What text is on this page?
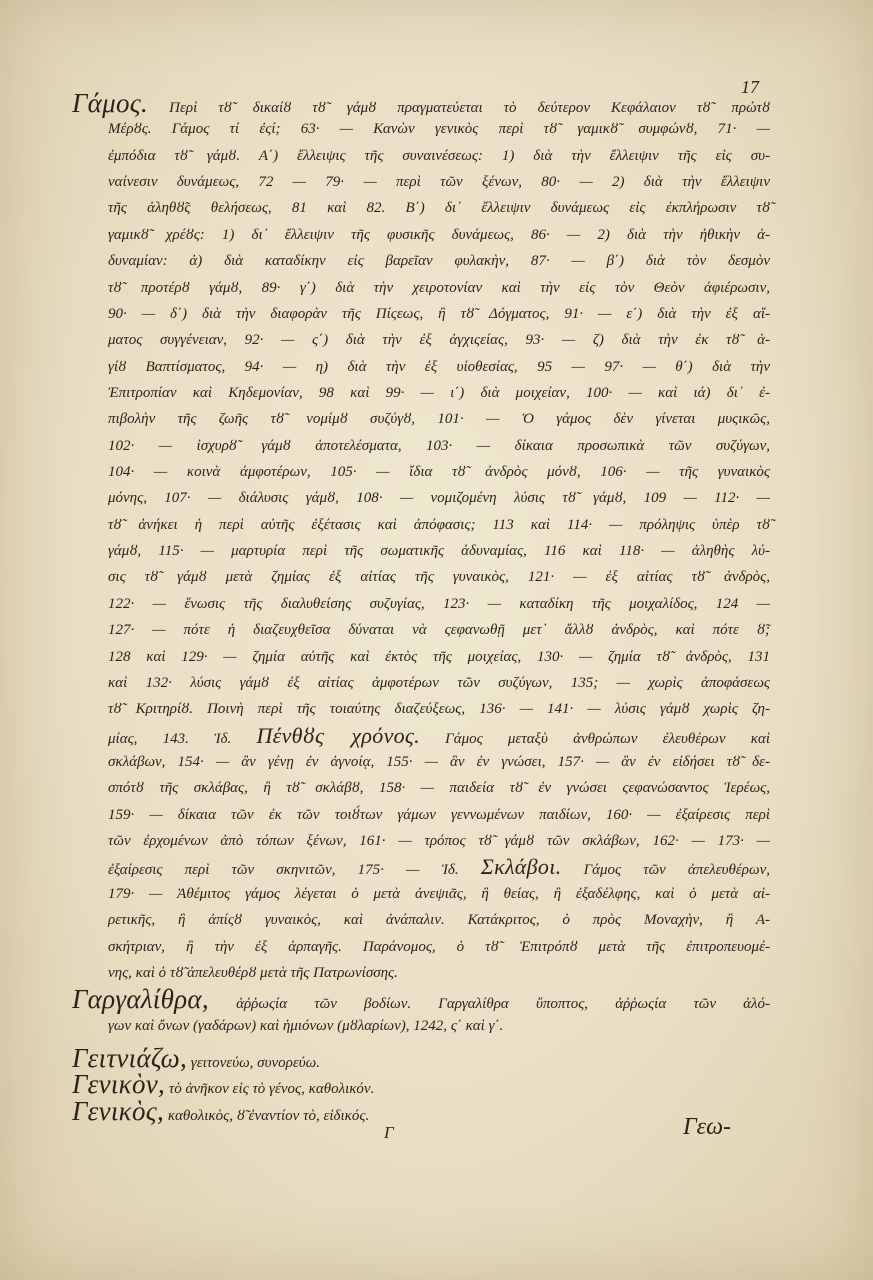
17
Γάμος. Περὶ τȣ̃ δικαίȣ τȣ̃ γάμȣ πραγματεύεται τὸ δεύτερον Κεφάλαιον τȣ̃ πρώτȣ
Μέρȣς. Γάμος τί ἐςί; 63· — Κανὼν γενικὸς περὶ τȣ̃ γαμικȣ̃ συμφώνȣ, 71· —
ἐμπόδια τȣ̃ γάμȣ. Α΄) ἔλλειψις τῆς συναινέσεως: 1) διὰ τὴν ἔλλειψιν τῆς εἰς συ-
ναίνεσιν δυνάμεως, 72 — 79· — περὶ τῶν ξένων, 80· — 2) διὰ τὴν ἔλλειψιν
τῆς ἀληθȣ̃ς θελήσεως, 81 καὶ 82. Β΄) δι᾽ ἔλλειψιν δυνάμεως εἰς ἐκπλήρωσιν τȣ̃
γαμικȣ̃ χρέȣς: 1) δι᾽ ἔλλειψιν τῆς φυσικῆς δυνάμεως, 86· — 2) διὰ τὴν ἠθικὴν ἀ-
δυναμίαν: ἀ) διὰ καταδίκην εἰς βαρεῖαν φυλακὴν, 87· — β΄) διὰ τὸν δεσμὸν
τȣ̃ προτέρȣ γάμȣ, 89· γ΄) διὰ τὴν χειροτονίαν καὶ τὴν εἰς τὸν Θεὸν ἀφιέρωσιν,
90· — δ΄) διὰ τὴν διαφορὰν τῆς Πίςεως, ἢ τȣ̃ Δόγματος, 91· — ε΄) διὰ τὴν ἐξ αἵ-
ματος συγγένειαν, 92· — ς΄) διὰ τὴν ἐξ ἀγχιςείας, 93· — ζ) διὰ τὴν ἐκ τȣ̃ ἁ-
γίȣ Βαπτίσματος, 94· — η) διὰ τὴν ἐξ υἱοθεσίας, 95 — 97· — θ΄) διὰ τὴν
Ἐπιτροπίαν καὶ Κηδεμονίαν, 98 καὶ 99· — ι΄) διὰ μοιχείαν, 100· — καὶ ιά) δι᾽ ἐ-
πιβολὴν τῆς ζωῆς τȣ̃ νομίμȣ συζύγȣ, 101· — Ὁ γάμος δὲν γίνεται μυςικῶς,
102· — ἰσχυρȣ̃ γάμȣ ἀποτελέσματα, 103· — δίκαια προσωπικὰ τῶν συζύγων,
104· — κοινὰ ἀμφοτέρων, 105· — ἴδια τȣ̃ ἀνδρὸς μόνȣ, 106· — τῆς γυναικὸς
μόνης, 107· — διάλυσις γάμȣ, 108· — νομιζομένη λύσις τȣ̃ γάμȣ, 109 — 112· —
τȣ̃ ἀνήκει ἡ περὶ αὐτῆς ἐξέτασις καὶ ἀπόφασις; 113 καὶ 114· — πρόληψις ὑπὲρ τȣ̃
γάμȣ, 115· — μαρτυρία περὶ τῆς σωματικῆς ἀδυναμίας, 116 καὶ 118· — ἀληθὴς λύ-
σις τȣ̃ γάμȣ μετὰ ζημίας ἐξ αἰτίας τῆς γυναικὸς, 121· — ἐξ αἰτίας τȣ̃ ἀνδρὸς,
122· — ἕνωσις τῆς διαλυθείσης συζυγίας, 123· — καταδίκη τῆς μοιχαλίδος, 124 —
127· — πότε ἡ διαζευχθεῖσα δύναται νὰ ςεφανωθῇ μετ᾽ ἄλλȣ ἀνδρὸς, καὶ πότε ȣ̃;
128 καὶ 129· — ζημία αὐτῆς καὶ ἐκτὸς τῆς μοιχείας, 130· — ζημία τȣ̃ ἀνδρὸς, 131
καὶ 132· λύσις γάμȣ ἐξ αἰτίας ἀμφοτέρων τῶν συζύγων, 135; — χωρὶς ἀποφάσεως
τȣ̃ Κριτηρίȣ. Ποινὴ περὶ τῆς τοιαύτης διαζεύξεως, 136· — 141· — λύσις γάμȣ χωρὶς ζη-
μίας, 143. Ἰδ. Πένθȣς χρόνος. Γάμος μεταξὺ ἀνθρώπων ἐλευθέρων καὶ
σκλάβων, 154· — ἂν γένῃ ἐν ἀγνοίᾳ, 155· — ἂν ἐν γνώσει, 157· — ἂν ἐν εἰδήσει τȣ̃ δε-
σπότȣ τῆς σκλάβας, ἢ τȣ̃ σκλάβȣ, 158· — παιδεία τȣ̃ ἐν γνώσει ςεφανώσαντος Ἱερέως,
159· — δίκαια τῶν ἐκ τῶν τοιȣ́των γάμων γεννωμένων παιδίων, 160· — ἐξαίρεσις περὶ
τῶν ἐρχομένων ἀπὸ τόπων ξένων, 161· — τρόπος τȣ̃ γάμȣ τῶν σκλάβων, 162· — 173· —
ἐξαίρεσις περὶ τῶν σκηνιτῶν, 175· — Ἰδ. Σκλάβοι. Γάμος τῶν ἀπελευθέρων,
179· — Ἀθέμιτος γάμος λέγεται ὁ μετὰ ἀνεψιᾶς, ἢ θείας, ἢ ἐξαδέλφης, καὶ ὁ μετὰ αἱ-
ρετικῆς, ἢ ἀπίςȣ γυναικὸς, καὶ ἀνάπαλιν. Κατάκριτος, ὁ πρὸς Μοναχὴν, ἢ Α-
σκήτριαν, ἢ τὴν ἐξ ἁρπαγῆς. Παράνομος, ὁ τȣ̃ Ἐπιτρόπȣ μετὰ τῆς ἐπιτροπευομέ-
νης, καὶ ὁ τȣ̃ ἀπελευθέρȣ μετὰ τῆς Πατρωνίσσης.
Γαργαλίθρα, ἀῤῥωςία τῶν βοδίων. Γαργαλίθρα ὕποπτος, ἀῤῥωςία τῶν ἀλό-
γων καὶ ὄνων (γαδάρων) καὶ ἡμιόνων (μȣλαρίων), 1242, ς΄ καὶ γ΄.
Γειτνιάζω, γειτονεύω, συνορεύω.
Γενικὸν, τὸ ἀνῆκον εἰς τὸ γένος, καθολικόν.
Γενικὸς, καθολικὸς, ȣ̃ ἐναντίον τὸ, εἰδικός.
Γ	Γεω-
